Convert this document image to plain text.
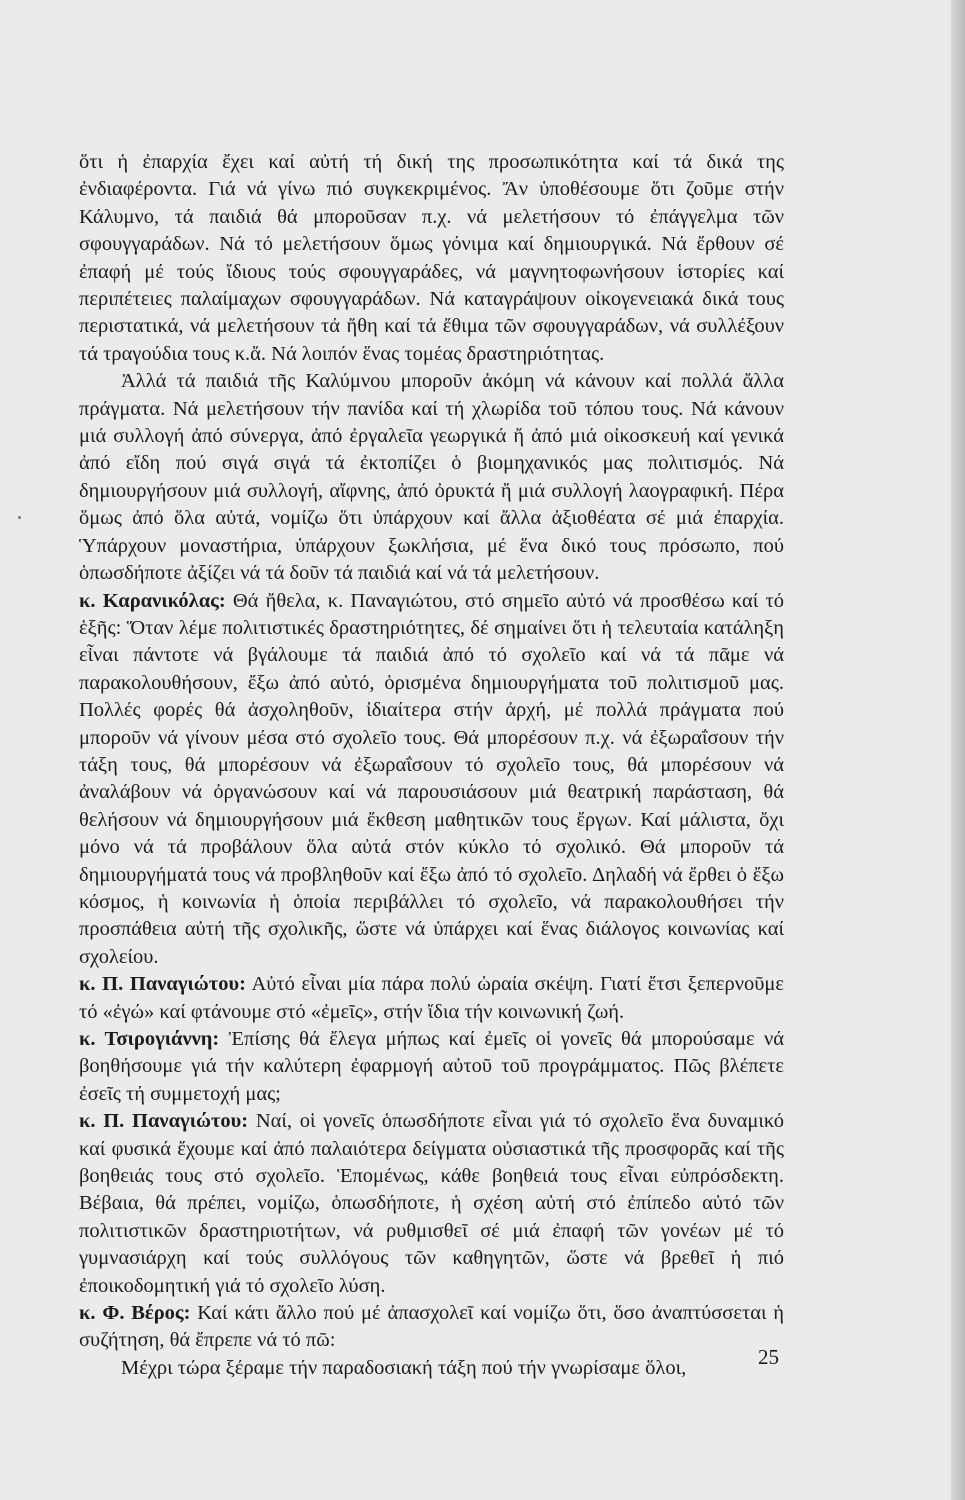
ὅτι ἡ ἐπαρχία ἔχει καί αὐτή τή δική της προσωπικότητα καί τά δικά της ἐνδιαφέροντα. Γιά νά γίνω πιό συγκεκριμένος. Ἄν ὑποθέσουμε ὅτι ζοῦμε στήν Κάλυμνο, τά παιδιά θά μποροῦσαν π.χ. νά μελετήσουν τό ἐπάγγελμα τῶν σφουγγαράδων. Νά τό μελετήσουν ὅμως γόνιμα καί δημιουργικά. Νά ἔρθουν σέ ἐπαφή μέ τούς ἴδιους τούς σφουγγαράδες, νά μαγνητοφωνήσουν ἱστορίες καί περιπέτειες παλαίμαχων σφουγγαράδων. Νά καταγράψουν οἰκογενειακά δικά τους περιστατικά, νά μελετήσουν τά ἤθη καί τά ἔθιμα τῶν σφουγγαράδων, νά συλλέξουν τά τραγούδια τους κ.ἄ. Νά λοιπόν ἕνας τομέας δραστηριότητας.

Ἀλλά τά παιδιά τῆς Καλύμνου μποροῦν ἀκόμη νά κάνουν καί πολλά ἄλλα πράγματα. Νά μελετήσουν τήν πανίδα καί τή χλωρίδα τοῦ τόπου τους. Νά κάνουν μιά συλλογή ἀπό σύνεργα, ἀπό ἐργαλεῖα γεωργικά ἤ ἀπό μιά οἰκοσκευή καί γενικά ἀπό εἴδη πού σιγά σιγά τά ἐκτοπίζει ὁ βιομηχανικός μας πολιτισμός. Νά δημιουργήσουν μιά συλλογή, αἴφνης, ἀπό ὀρυκτά ἤ μιά συλλογή λαογραφική. Πέρα ὅμως ἀπό ὅλα αὐτά, νομίζω ὅτι ὑπάρχουν καί ἄλλα ἀξιοθέατα σέ μιά ἐπαρχία. Ὑπάρχουν μοναστήρια, ὑπάρχουν ξωκλήσια, μέ ἕνα δικό τους πρόσωπο, πού ὁπωσδήποτε ἀξίζει νά τά δοῦν τά παιδιά καί νά τά μελετήσουν.

κ. Καρανικόλας: Θά ἤθελα, κ. Παναγιώτου, στό σημεῖο αὐτό νά προσθέσω καί τό ἑξῆς: Ὅταν λέμε πολιτιστικές δραστηριότητες, δέ σημαίνει ὅτι ἡ τελευταία κατάληξη εἶναι πάντοτε νά βγάλουμε τά παιδιά ἀπό τό σχολεῖο καί νά τά πᾶμε νά παρακολουθήσουν, ἔξω ἀπό αὐτό, ὁρισμένα δημιουργήματα τοῦ πολιτισμοῦ μας. Πολλές φορές θά ἀσχοληθοῦν, ἰδιαίτερα στήν ἀρχή, μέ πολλά πράγματα πού μποροῦν νά γίνουν μέσα στό σχολεῖο τους. Θά μπορέσουν π.χ. νά ἐξωραΐσουν τήν τάξη τους, θά μπορέσουν νά ἐξωραΐσουν τό σχολεῖο τους, θά μπορέσουν νά ἀναλάβουν νά ὀργανώσουν καί νά παρουσιάσουν μιά θεατρική παράσταση, θά θελήσουν νά δημιουργήσουν μιά ἔκθεση μαθητικῶν τους ἔργων. Καί μάλιστα, ὄχι μόνο νά τά προβάλουν ὅλα αὐτά στόν κύκλο τό σχολικό. Θά μποροῦν τά δημιουργήματά τους νά προβληθοῦν καί ἔξω ἀπό τό σχολεῖο. Δηλαδή νά ἔρθει ὁ ἔξω κόσμος, ἡ κοινωνία ἡ ὁποία περιβάλλει τό σχολεῖο, νά παρακολουθήσει τήν προσπάθεια αὐτή τῆς σχολικῆς, ὥστε νά ὑπάρχει καί ἕνας διάλογος κοινωνίας καί σχολείου.

κ. Π. Παναγιώτου: Αὐτό εἶναι μία πάρα πολύ ὡραία σκέψη. Γιατί ἔτσι ξεπερνοῦμε τό «ἐγώ» καί φτάνουμε στό «ἐμεῖς», στήν ἴδια τήν κοινωνική ζωή.

κ. Τσιρογιάννη: Ἐπίσης θά ἔλεγα μήπως καί ἐμεῖς οἱ γονεῖς θά μπορούσαμε νά βοηθήσουμε γιά τήν καλύτερη ἐφαρμογή αὐτοῦ τοῦ προγράμματος. Πῶς βλέπετε ἐσεῖς τή συμμετοχή μας;

κ. Π. Παναγιώτου: Ναί, οἱ γονεῖς ὁπωσδήποτε εἶναι γιά τό σχολεῖο ἕνα δυναμικό καί φυσικά ἔχουμε καί ἀπό παλαιότερα δείγματα οὐσιαστικά τῆς προσφορᾶς καί τῆς βοηθειάς τους στό σχολεῖο. Ἑπομένως, κάθε βοηθειά τους εἶναι εὐπρόσδεκτη. Βέβαια, θά πρέπει, νομίζω, ὁπωσδήποτε, ἡ σχέση αὐτή στό ἐπίπεδο αὐτό τῶν πολιτιστικῶν δραστηριοτήτων, νά ρυθμισθεῖ σέ μιά ἐπαφή τῶν γονέων μέ τό γυμνασιάρχη καί τούς συλλόγους τῶν καθηγητῶν, ὥστε νά βρεθεῖ ἡ πιό ἐποικοδομητική γιά τό σχολεῖο λύση.

κ. Φ. Βέρος: Καί κάτι ἄλλο πού μέ ἀπασχολεῖ καί νομίζω ὅτι, ὅσο ἀναπτύσσεται ἡ συζήτηση, θά ἔπρεπε νά τό πῶ:

Μέχρι τώρα ξέραμε τήν παραδοσιακή τάξη πού τήν γνωρίσαμε ὅλοι,	25
